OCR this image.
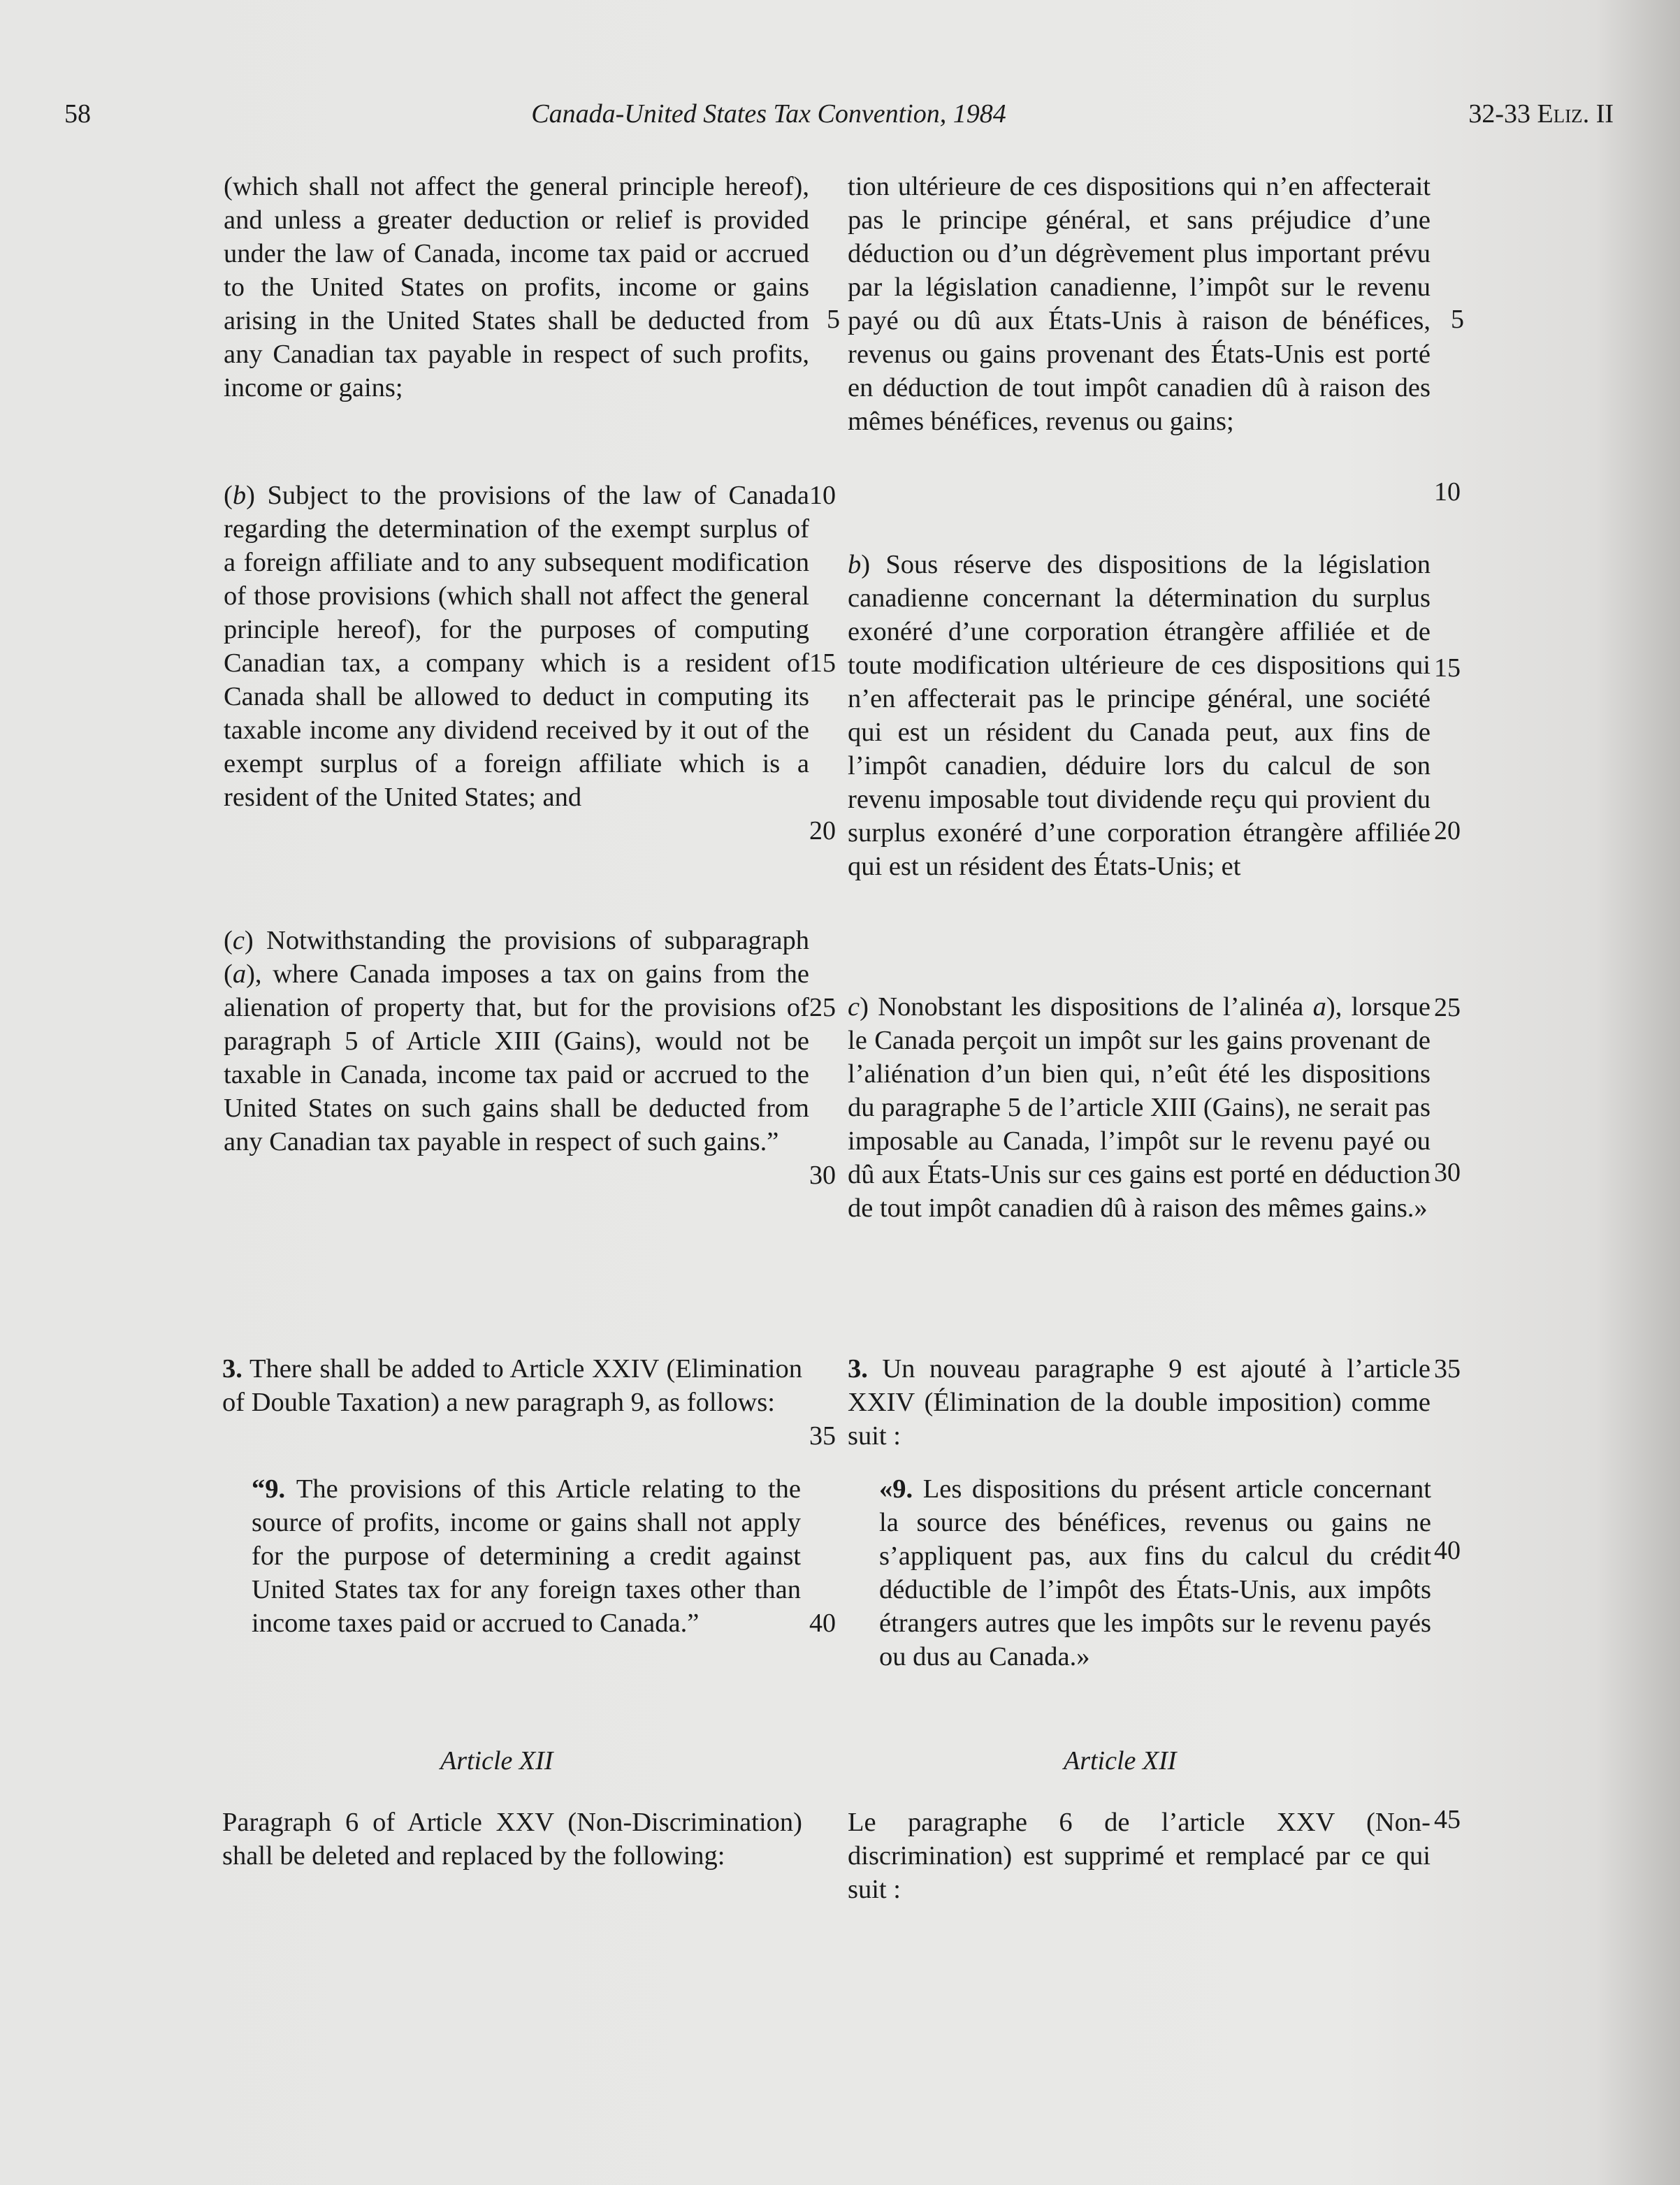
58	Canada-United States Tax Convention, 1984	32-33 Eliz. II

(which shall not affect the general principle hereof), and unless a greater deduction or relief is provided under the law of Canada, income tax paid or accrued to the United States on profits, income or gains arising in the United States shall be deducted from any Canadian tax payable in respect of such profits, income or gains;

(b) Subject to the provisions of the law of Canada regarding the determination of the exempt surplus of a foreign affiliate and to any subsequent modification of those provisions (which shall not affect the general principle hereof), for the purposes of computing Canadian tax, a company which is a resident of Canada shall be allowed to deduct in computing its taxable income any dividend received by it out of the exempt surplus of a foreign affiliate which is a resident of the United States; and

(c) Notwithstanding the provisions of subparagraph (a), where Canada imposes a tax on gains from the alienation of property that, but for the provisions of paragraph 5 of Article XIII (Gains), would not be taxable in Canada, income tax paid or accrued to the United States on such gains shall be deducted from any Canadian tax payable in respect of such gains.”

3. There shall be added to Article XXIV (Elimination of Double Taxation) a new paragraph 9, as follows:

“9. The provisions of this Article relating to the source of profits, income or gains shall not apply for the purpose of determining a credit against United States tax for any foreign taxes other than income taxes paid or accrued to Canada.”

Article XII

Paragraph 6 of Article XXV (Non-Discrimination) shall be deleted and replaced by the following:

5
10
15
20
25
30
35
40

tion ultérieure de ces dispositions qui n’en affecterait pas le principe général, et sans préjudice d’une déduction ou d’un dégrèvement plus important prévu par la législation canadienne, l’impôt sur le revenu payé ou dû aux États-Unis à raison de bénéfices, revenus ou gains provenant des États-Unis est porté en déduction de tout impôt canadien dû à raison des mêmes bénéfices, revenus ou gains;

b) Sous réserve des dispositions de la législation canadienne concernant la détermination du surplus exonéré d’une corporation étrangère affiliée et de toute modification ultérieure de ces dispositions qui n’en affecterait pas le principe général, une société qui est un résident du Canada peut, aux fins de l’impôt canadien, déduire lors du calcul de son revenu imposable tout dividende reçu qui provient du surplus exonéré d’une corporation étrangère affiliée qui est un résident des États-Unis; et

c) Nonobstant les dispositions de l’alinéa a), lorsque le Canada perçoit un impôt sur les gains provenant de l’aliénation d’un bien qui, n’eût été les dispositions du paragraphe 5 de l’article XIII (Gains), ne serait pas imposable au Canada, l’impôt sur le revenu payé ou dû aux États-Unis sur ces gains est porté en déduction de tout impôt canadien dû à raison des mêmes gains.»

3. Un nouveau paragraphe 9 est ajouté à l’article XXIV (Élimination de la double imposition) comme suit :

«9. Les dispositions du présent article concernant la source des bénéfices, revenus ou gains ne s’appliquent pas, aux fins du calcul du crédit déductible de l’impôt des États-Unis, aux impôts étrangers autres que les impôts sur le revenu payés ou dus au Canada.»

Article XII

Le paragraphe 6 de l’article XXV (Non-discrimination) est supprimé et remplacé par ce qui suit :

5
10
15
20
25
30
35
40
45
